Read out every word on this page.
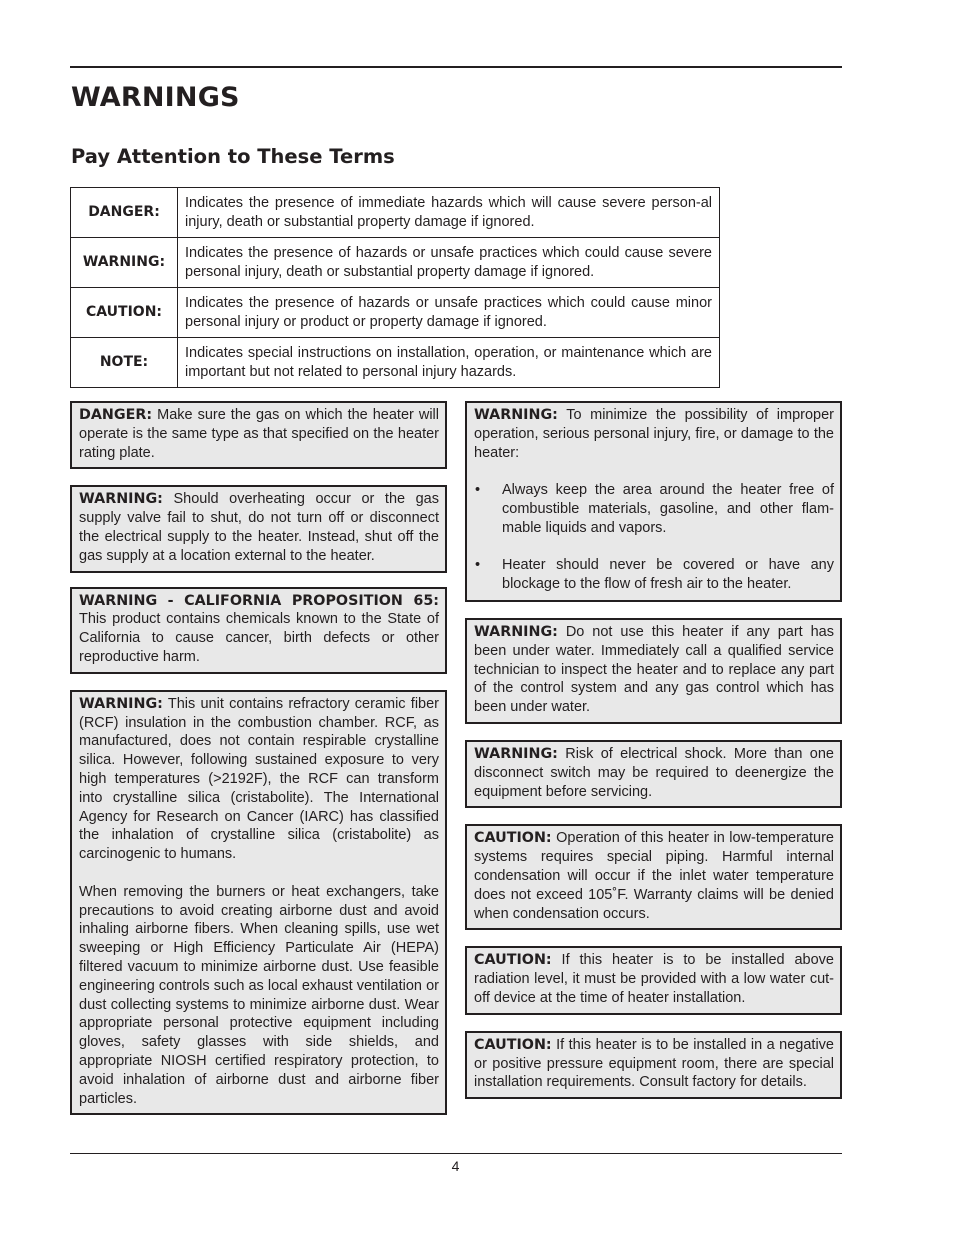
WARNINGS
Pay Attention to These Terms
DANGER:	Indicates the presence of immediate hazards which will cause severe person-al injury, death or substantial property damage if ignored.
WARNING:	Indicates the presence of hazards or unsafe practices which could cause severe personal injury, death or substantial property damage if ignored.
CAUTION:	Indicates the presence of hazards or unsafe practices which could cause minor personal injury or product or property damage if ignored.
NOTE:	Indicates special instructions on installation, operation, or maintenance which are important but not related to personal injury hazards.

DANGER: Make sure the gas on which the heater will operate is the same type as that specified on the heater rating plate.

WARNING: Should overheating occur or the gas supply valve fail to shut, do not turn off or disconnect the electrical supply to the heater. Instead, shut off the gas supply at a location external to the heater.

WARNING - CALIFORNIA PROPOSITION 65: This product contains chemicals known to the State of California to cause cancer, birth defects or other reproductive harm.

WARNING: This unit contains refractory ceramic fiber (RCF) insulation in the combustion chamber. RCF, as manufactured, does not contain respirable crystalline silica. However, following sustained exposure to very high temperatures (>2192F), the RCF can transform into crystalline silica (cristabolite). The International Agency for Research on Cancer (IARC) has classified the inhalation of crystalline silica (cristabolite) as carcinogenic to humans.

When removing the burners or heat exchangers, take precautions to avoid creating airborne dust and avoid inhaling airborne fibers. When cleaning spills, use wet sweeping or High Efficiency Particulate Air (HEPA) filtered vacuum to minimize airborne dust. Use feasible engineering controls such as local exhaust ventilation or dust collecting systems to minimize airborne dust. Wear appropriate personal protective equipment including gloves, safety glasses with side shields, and appropriate NIOSH certified respiratory protection, to avoid inhalation of airborne dust and airborne fiber particles.

WARNING: To minimize the possibility of improper operation, serious personal injury, fire, or damage to the heater:

• Always keep the area around the heater free of combustible materials, gasoline, and other flam-mable liquids and vapors.
• Heater should never be covered or have any blockage to the flow of fresh air to the heater.

WARNING: Do not use this heater if any part has been under water. Immediately call a qualified service technician to inspect the heater and to replace any part of the control system and any gas control which has been under water.

WARNING: Risk of electrical shock. More than one disconnect switch may be required to deenergize the equipment before servicing.

CAUTION: Operation of this heater in low-temperature systems requires special piping. Harmful internal condensation will occur if the inlet water temperature does not exceed 105˚F. Warranty claims will be denied when condensation occurs.

CAUTION: If this heater is to be installed above radiation level, it must be provided with a low water cut-off device at the time of heater installation.

CAUTION: If this heater is to be installed in a negative or positive pressure equipment room, there are special installation requirements. Consult factory for details.

4
